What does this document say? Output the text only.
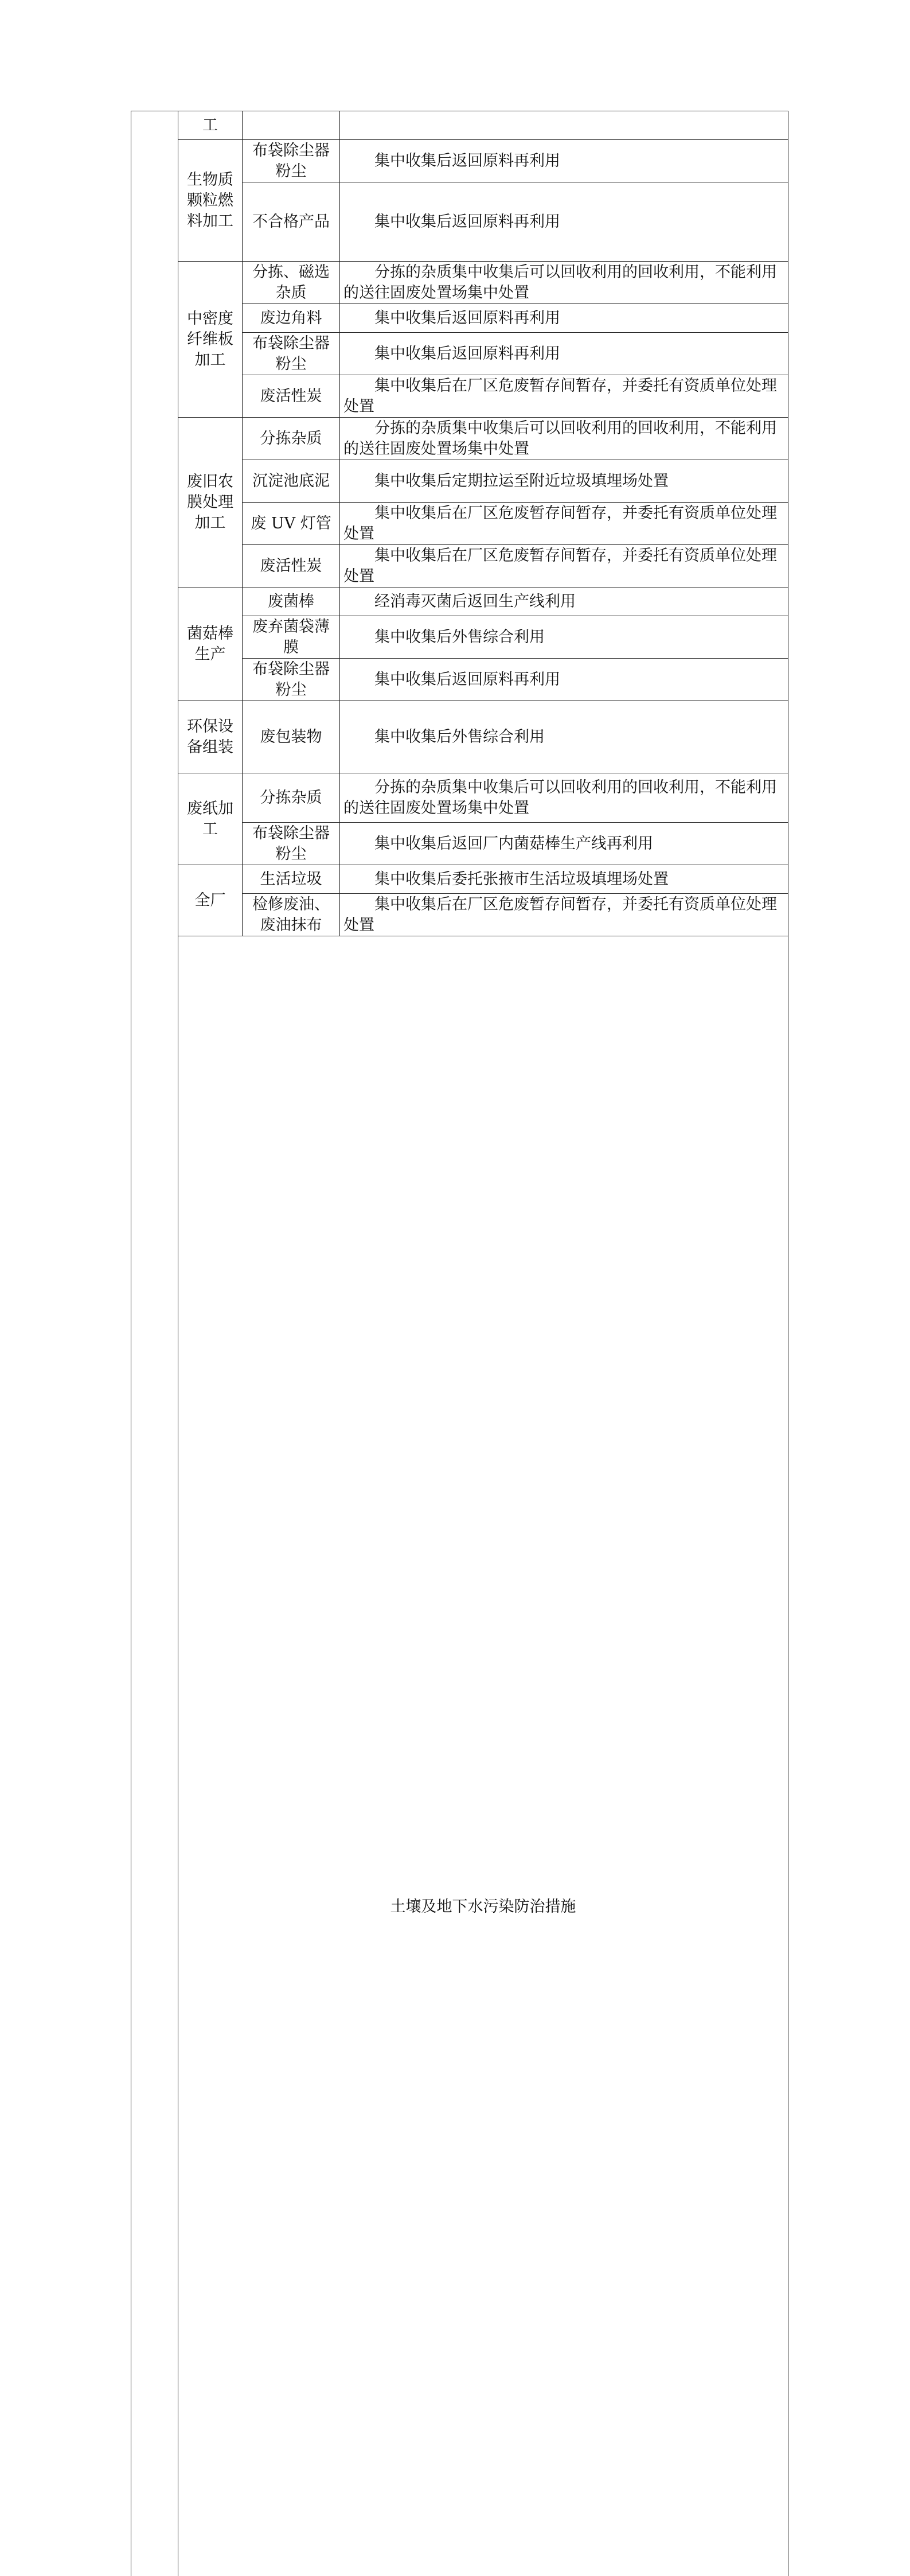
	工			
	生物质颗粒燃料加工	布袋除尘器粉尘	集中收集后返回原料再利用	
		不合格产品	集中收集后返回原料再利用	
	中密度纤维板加工	分拣、磁选杂质	分拣的杂质集中收集后可以回收利用的回收利用，不能利用的送往固废处置场集中处置	
		废边角料	集中收集后返回原料再利用	
		布袋除尘器粉尘	集中收集后返回原料再利用	
		废活性炭	集中收集后在厂区危废暂存间暂存，并委托有资质单位处理处置	
	废旧农膜处理加工	分拣杂质	分拣的杂质集中收集后可以回收利用的回收利用，不能利用的送往固废处置场集中处置	
		沉淀池底泥	集中收集后定期拉运至附近垃圾填埋场处置	
		废 UV 灯管	集中收集后在厂区危废暂存间暂存，并委托有资质单位处理处置	
		废活性炭	集中收集后在厂区危废暂存间暂存，并委托有资质单位处理处置	
	菌菇棒生产	废菌棒	经消毒灭菌后返回生产线利用	
		废弃菌袋薄膜	集中收集后外售综合利用	
		布袋除尘器粉尘	集中收集后返回原料再利用	
	环保设备组装	废包装物	集中收集后外售综合利用	
	废纸加工	分拣杂质	分拣的杂质集中收集后可以回收利用的回收利用，不能利用的送往固废处置场集中处置	
		布袋除尘器粉尘	集中收集后返回厂内菌菇棒生产线再利用	
	全厂	生活垃圾	集中收集后委托张掖市生活垃圾填埋场处置	
		检修废油、废油抹布	集中收集后在厂区危废暂存间暂存，并委托有资质单位处理处置	
	土壤及地下水污染防治措施	
